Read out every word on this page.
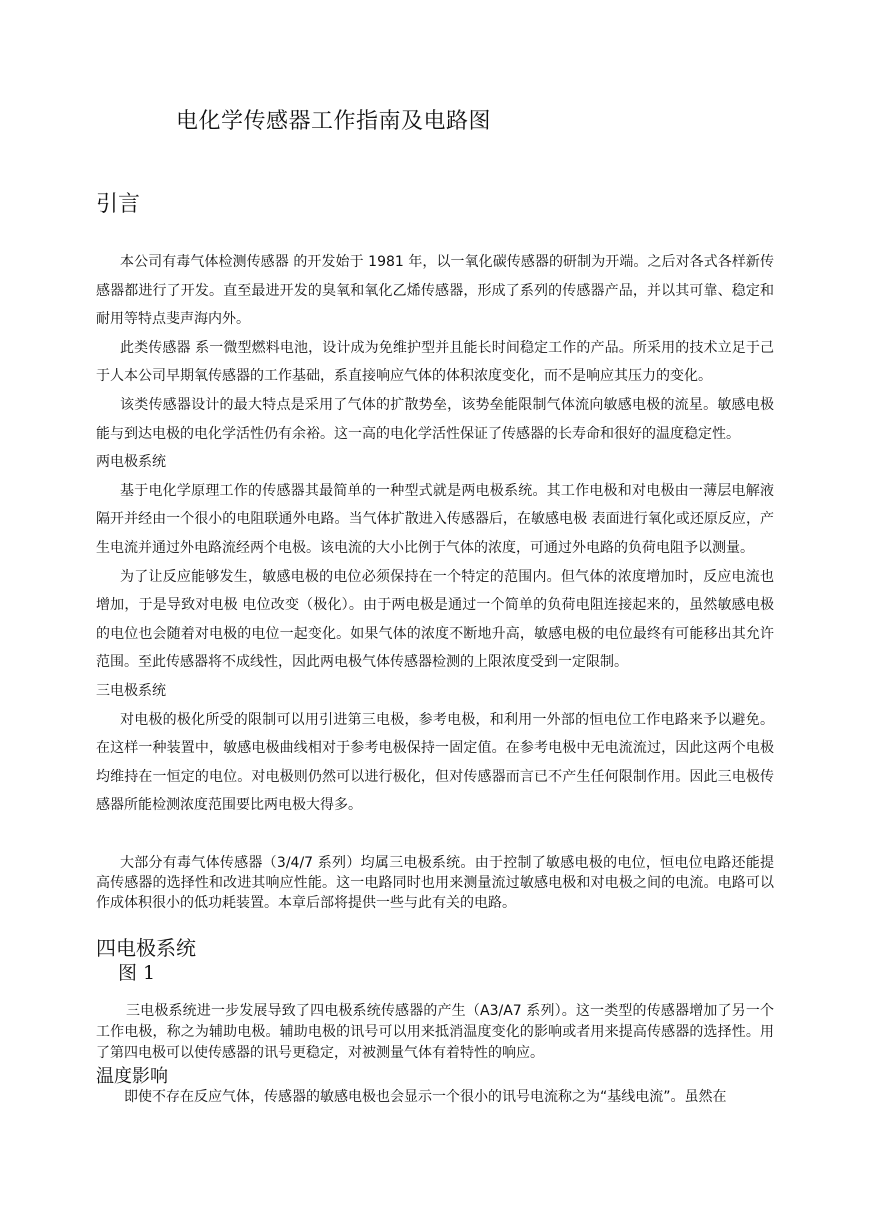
电化学传感器工作指南及电路图
引言

本公司有毒气体检测传感器 的开发始于 1981 年，以一氧化碳传感器的研制为开端。之后对各式各样新传感器都进行了开发。直至最进开发的臭氧和氧化乙烯传感器，形成了系列的传感器产品，并以其可靠、稳定和耐用等特点斐声海内外。

此类传感器 系一微型燃料电池，设计成为免维护型并且能长时间稳定工作的产品。所采用的技术立足于己于人本公司早期氧传感器的工作基础，系直接响应气体的体积浓度变化，而不是响应其压力的变化。

该类传感器设计的最大特点是采用了气体的扩散势垒，该势垒能限制气体流向敏感电极的流星。敏感电极能与到达电极的电化学活性仍有余裕。这一高的电化学活性保证了传感器的长寿命和很好的温度稳定性。

两电极系统

基于电化学原理工作的传感器其最简单的一种型式就是两电极系统。其工作电极和对电极由一薄层电解液隔开并经由一个很小的电阻联通外电路。当气体扩散进入传感器后，在敏感电极 表面进行氧化或还原反应，产生电流并通过外电路流经两个电极。该电流的大小比例于气体的浓度，可通过外电路的负荷电阻予以测量。

为了让反应能够发生，敏感电极的电位必须保持在一个特定的范围内。但气体的浓度增加时，反应电流也增加，于是导致对电极 电位改变（极化）。由于两电极是通过一个简单的负荷电阻连接起来的，虽然敏感电极的电位也会随着对电极的电位一起变化。如果气体的浓度不断地升高，敏感电极的电位最终有可能移出其允许范围。至此传感器将不成线性，因此两电极气体传感器检测的上限浓度受到一定限制。

三电极系统

对电极的极化所受的限制可以用引进第三电极，参考电极，和利用一外部的恒电位工作电路来予以避免。在这样一种装置中，敏感电极曲线相对于参考电极保持一固定值。在参考电极中无电流流过，因此这两个电极均维持在一恒定的电位。对电极则仍然可以进行极化，但对传感器而言已不产生任何限制作用。因此三电极传感器所能检测浓度范围要比两电极大得多。

大部分有毒气体传感器（3/4/7 系列）均属三电极系统。由于控制了敏感电极的电位，恒电位电路还能提高传感器的选择性和改进其响应性能。这一电路同时也用来测量流过敏感电极和对电极之间的电流。电路可以作成体积很小的低功耗装置。本章后部将提供一些与此有关的电路。

四电极系统
图 1

三电极系统进一步发展导致了四电极系统传感器的产生（A3/A7 系列）。这一类型的传感器增加了另一个工作电极，称之为辅助电极。辅助电极的讯号可以用来抵消温度变化的影响或者用来提高传感器的选择性。用了第四电极可以使传感器的讯号更稳定，对被测量气体有着特性的响应。

温度影响

即使不存在反应气体，传感器的敏感电极也会显示一个很小的讯号电流称之为“基线电流”。虽然在
